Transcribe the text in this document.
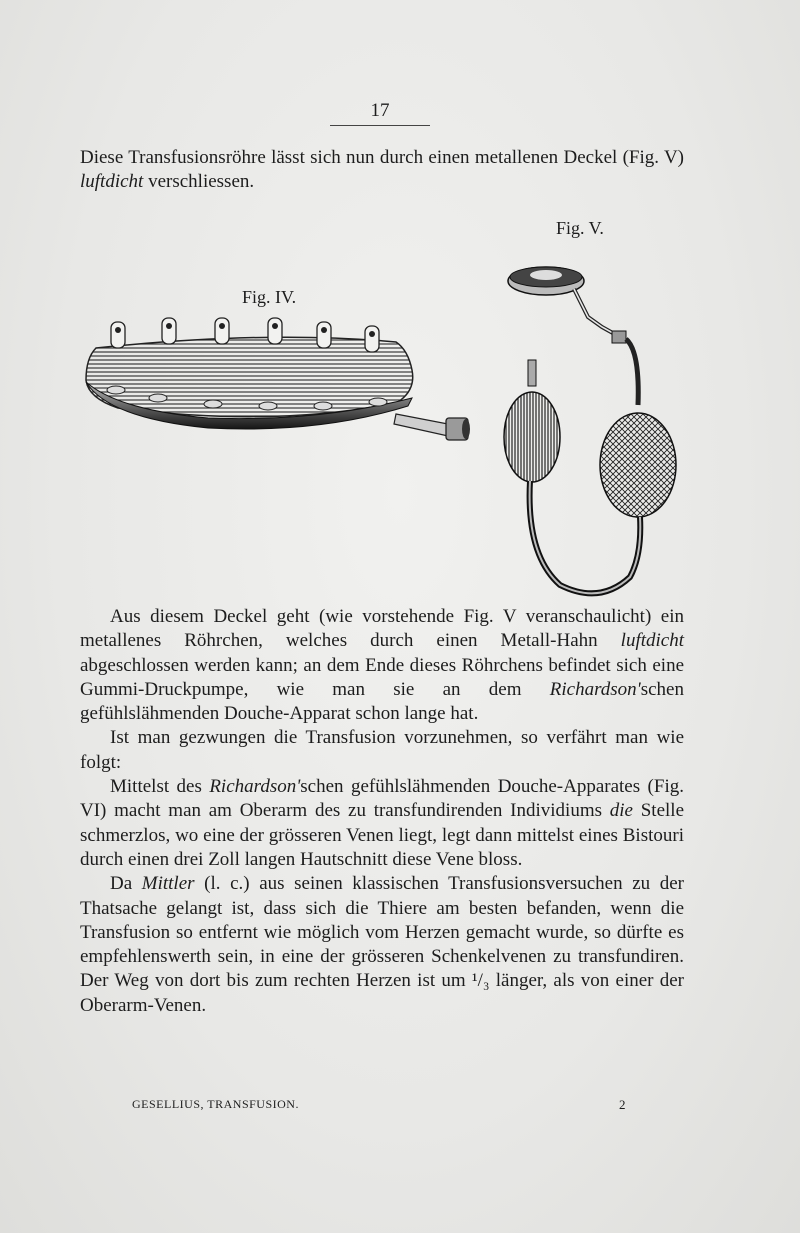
17

Diese Transfusionsröhre lässt sich nun durch einen metallenen Deckel (Fig. V) luftdicht verschliessen.

Fig. V.
Fig. IV.

Aus diesem Deckel geht (wie vorstehende Fig. V veranschaulicht) ein metallenes Röhrchen, welches durch einen Metall-Hahn luftdicht abgeschlossen werden kann; an dem Ende dieses Röhrchens befindet sich eine Gummi-Druckpumpe, wie man sie an dem Richardson'schen gefühlslähmenden Douche-Apparat schon lange hat.

Ist man gezwungen die Transfusion vorzunehmen, so verfährt man wie folgt:

Mittelst des Richardson'schen gefühlslähmenden Douche-Apparates (Fig. VI) macht man am Oberarm des zu transfundirenden Individiums die Stelle schmerzlos, wo eine der grösseren Venen liegt, legt dann mittelst eines Bistouri durch einen drei Zoll langen Hautschnitt diese Vene bloss.

Da Mittler (l. c.) aus seinen klassischen Transfusionsversuchen zu der Thatsache gelangt ist, dass sich die Thiere am besten befanden, wenn die Transfusion so entfernt wie möglich vom Herzen gemacht wurde, so dürfte es empfehlenswerth sein, in eine der grösseren Schenkelvenen zu transfundiren. Der Weg von dort bis zum rechten Herzen ist um ¹/₃ länger, als von einer der Oberarm-Venen.

GESELLIUS, TRANSFUSION.	2
